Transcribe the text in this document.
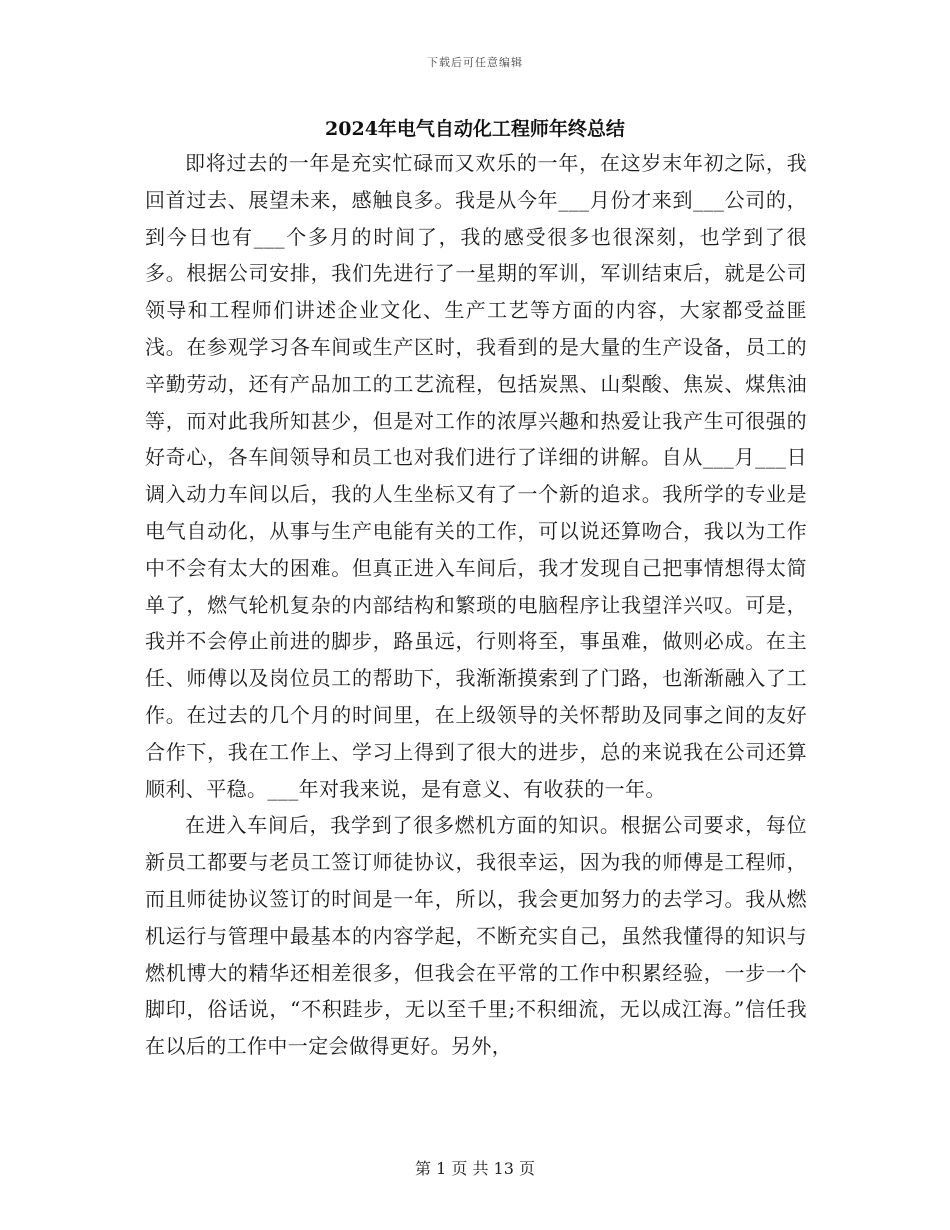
下载后可任意编辑
2024年电气自动化工程师年终总结

即将过去的一年是充实忙碌而又欢乐的一年，在这岁末年初之际，我回首过去、展望未来，感触良多。我是从今年___月份才来到___公司的，到今日也有___个多月的时间了，我的感受很多也很深刻，也学到了很多。根据公司安排，我们先进行了一星期的军训，军训结束后，就是公司领导和工程师们讲述企业文化、生产工艺等方面的内容，大家都受益匪浅。在参观学习各车间或生产区时，我看到的是大量的生产设备，员工的辛勤劳动，还有产品加工的工艺流程，包括炭黑、山梨酸、焦炭、煤焦油等，而对此我所知甚少，但是对工作的浓厚兴趣和热爱让我产生可很强的好奇心，各车间领导和员工也对我们进行了详细的讲解。自从___月___日调入动力车间以后，我的人生坐标又有了一个新的追求。我所学的专业是电气自动化，从事与生产电能有关的工作，可以说还算吻合，我以为工作中不会有太大的困难。但真正进入车间后，我才发现自己把事情想得太简单了，燃气轮机复杂的内部结构和繁琐的电脑程序让我望洋兴叹。可是，我并不会停止前进的脚步，路虽远，行则将至，事虽难，做则必成。在主任、师傅以及岗位员工的帮助下，我渐渐摸索到了门路，也渐渐融入了工作。在过去的几个月的时间里，在上级领导的关怀帮助及同事之间的友好合作下，我在工作上、学习上得到了很大的进步，总的来说我在公司还算顺利、平稳。___年对我来说，是有意义、有收获的一年。

在进入车间后，我学到了很多燃机方面的知识。根据公司要求，每位新员工都要与老员工签订师徒协议，我很幸运，因为我的师傅是工程师，而且师徒协议签订的时间是一年，所以，我会更加努力的去学习。我从燃机运行与管理中最基本的内容学起，不断充实自己，虽然我懂得的知识与燃机博大的精华还相差很多，但我会在平常的工作中积累经验，一步一个脚印，俗话说，“不积跬步，无以至千里;不积细流，无以成江海。”信任我在以后的工作中一定会做得更好。另外，

第 1 页 共 13 页
